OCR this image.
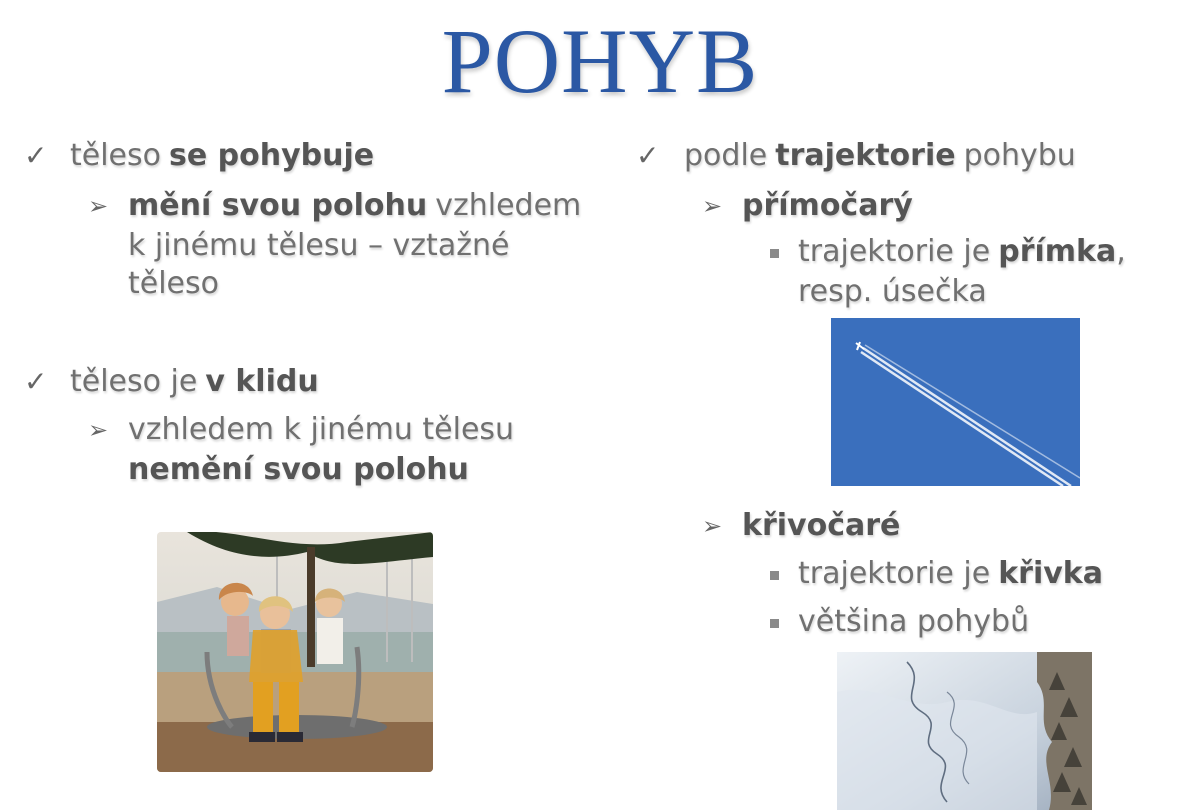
POHYB
✓ těleso se pohybuje
➢ mění svou polohu vzhledem
k jinému tělesu – vztažné
těleso
✓ těleso je v klidu
➢ vzhledem k jinému tělesu
nemění svou polohu
✓ podle trajektorie pohybu
➢ přímočarý
trajektorie je přímka,
resp. úsečka
➢ křivočaré
trajektorie je křivka
většina pohybů
